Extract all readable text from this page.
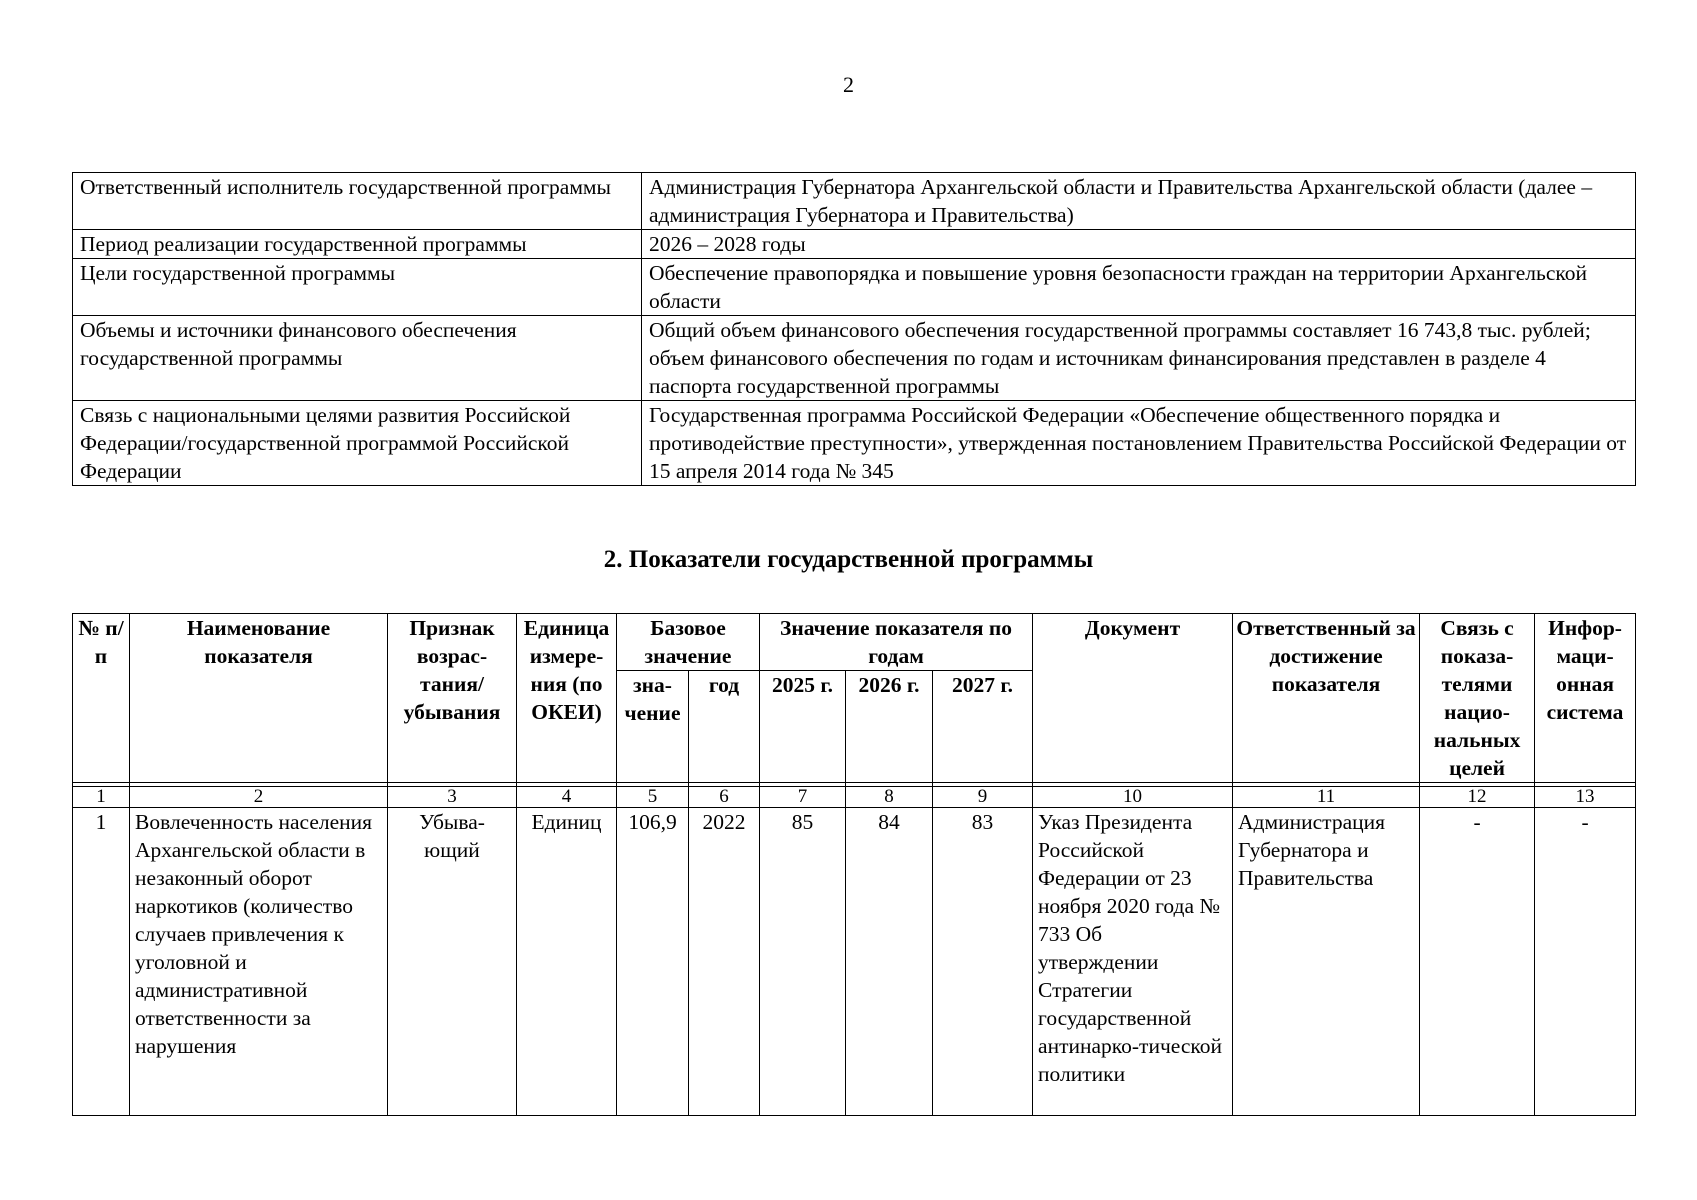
2
Ответственный исполнитель государственной программы	Администрация Губернатора Архангельской области и Правительства Архангельской области (далее – администрация Губернатора и Правительства)
Период реализации государственной программы	2026 – 2028 годы
Цели государственной программы	Обеспечение правопорядка и повышение уровня безопасности граждан на территории Архангельской области
Объемы и источники финансового обеспечения государственной программы	Общий объем финансового обеспечения государственной программы составляет 16 743,8 тыс. рублей;
объем финансового обеспечения по годам и источникам финансирования представлен в разделе 4 паспорта государственной программы

Связь с национальными целями развития Российской Федерации/государственной программой Российской Федерации	Государственная программа Российской Федерации «Обеспечение общественного порядка и противодействие преступности», утвержденная постановлением Правительства Российской Федерации от 15 апреля 2014 года № 345
2. Показатели государственной программы
№ п/п	Наименование показателя	Признак возрас-тания/ убывания	Единица измере-ния (по ОКЕИ)	Базовое значение		Значение показателя по годам			Документ	Ответственный за достижение показателя	Связь с показа-телями нацио-нальных целей	Инфор-маци-онная система
				зна-чение	год	2025 г.	2026 г.	2027 г.				

1	2	3	4	5	6	7	8	9	10	11	12	13
1	Вовлеченность населения Архангельской области в незаконный оборот наркотиков (количество случаев привлечения к уголовной и административной ответственности за нарушения	Убыва-ющий	Единиц	106,9	2022	85	84	83	Указ Президента Российской Федерации от 23 ноября 2020 года № 733 Об утверждении Стратегии государственной антинарко-тической политики	Администрация Губернатора и Правительства	-	-
